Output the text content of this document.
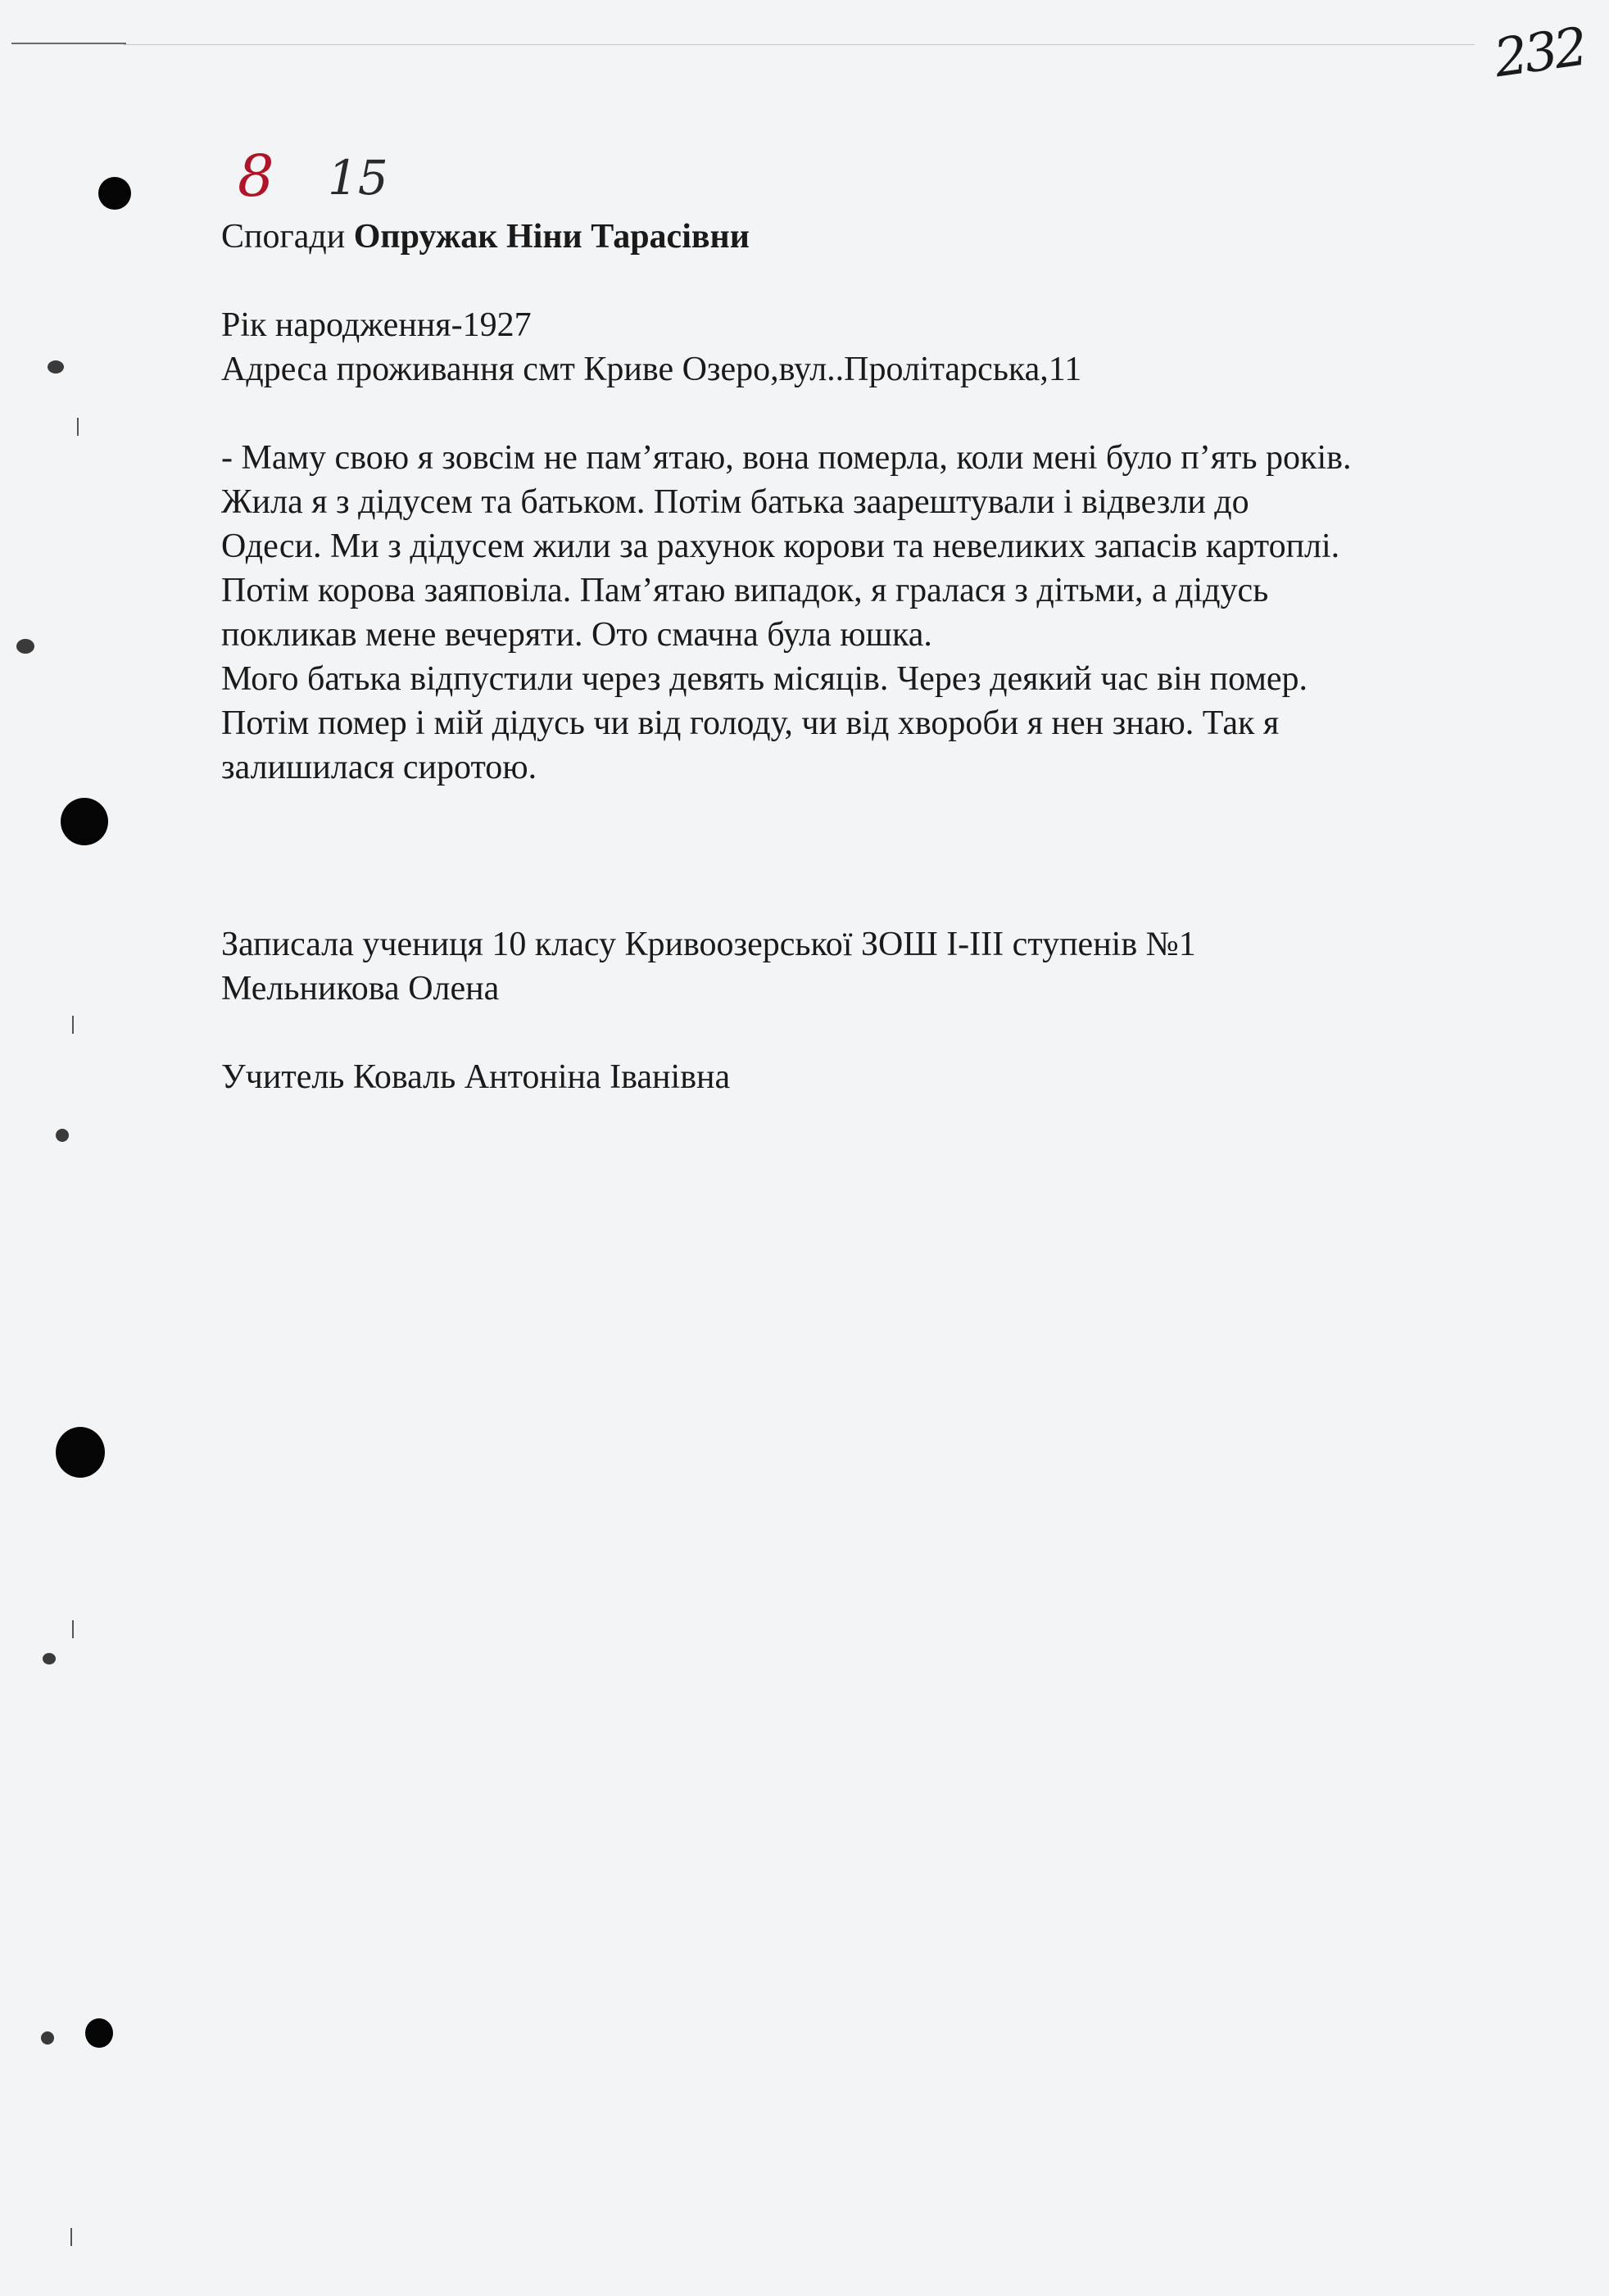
232
8 15

Спогади Опружак Ніни Тарасівни

Рік народження-1927

Адреса проживання смт Криве Озеро,вул..Пролітарська,11

- Маму свою я зовсім не пам’ятаю, вона померла, коли мені було п’ять років.

Жила я з дідусем та батьком. Потім батька заарештували і відвезли до

Одеси. Ми з дідусем жили за рахунок корови та невеликих запасів картоплі.

Потім корова заяповіла. Пам’ятаю випадок, я гралася з дітьми, а дідусь

покликав мене вечеряти. Ото смачна була юшка.

Мого батька відпустили через девять місяців. Через деякий час він помер.

Потім помер і мій дідусь чи від голоду, чи від хвороби я нен знаю. Так я

залишилася сиротою.

Записала учениця 10 класу Кривоозерської ЗОШ І-ІІІ ступенів №1

Мельникова Олена

Учитель Коваль Антоніна Іванівна
